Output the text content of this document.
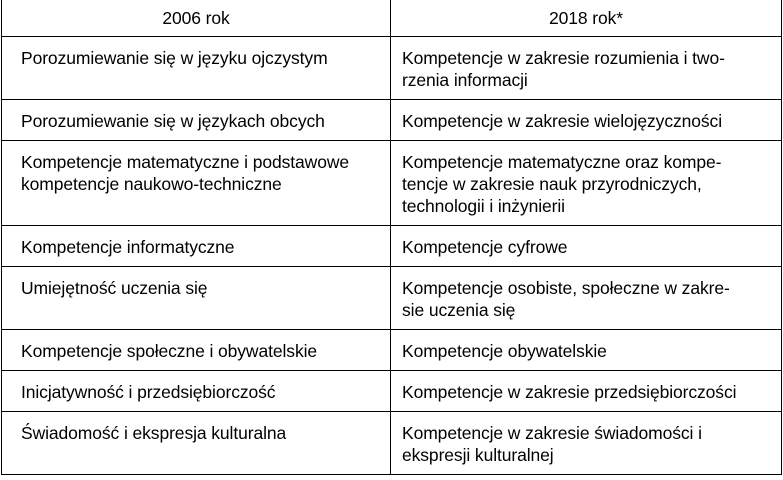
2006 rok	2018 rok*

Porozumiewanie się w języku ojczystym	Kompetencje w zakresie rozumienia i two-
rzenia informacji

Porozumiewanie się w językach obcych	Kompetencje w zakresie wielojęzyczności

Kompetencje matematyczne i podstawowe
kompetencje naukowo-techniczne	Kompetencje matematyczne oraz kompe-
tencje w zakresie nauk przyrodniczych,
technologii i inżynierii

Kompetencje informatyczne	Kompetencje cyfrowe

Umiejętność uczenia się	Kompetencje osobiste, społeczne w zakre-
sie uczenia się

Kompetencje społeczne i obywatelskie	Kompetencje obywatelskie

Inicjatywność i przedsiębiorczość	Kompetencje w zakresie przedsiębiorczości

Świadomość i ekspresja kulturalna	Kompetencje w zakresie świadomości i
ekspresji kulturalnej
